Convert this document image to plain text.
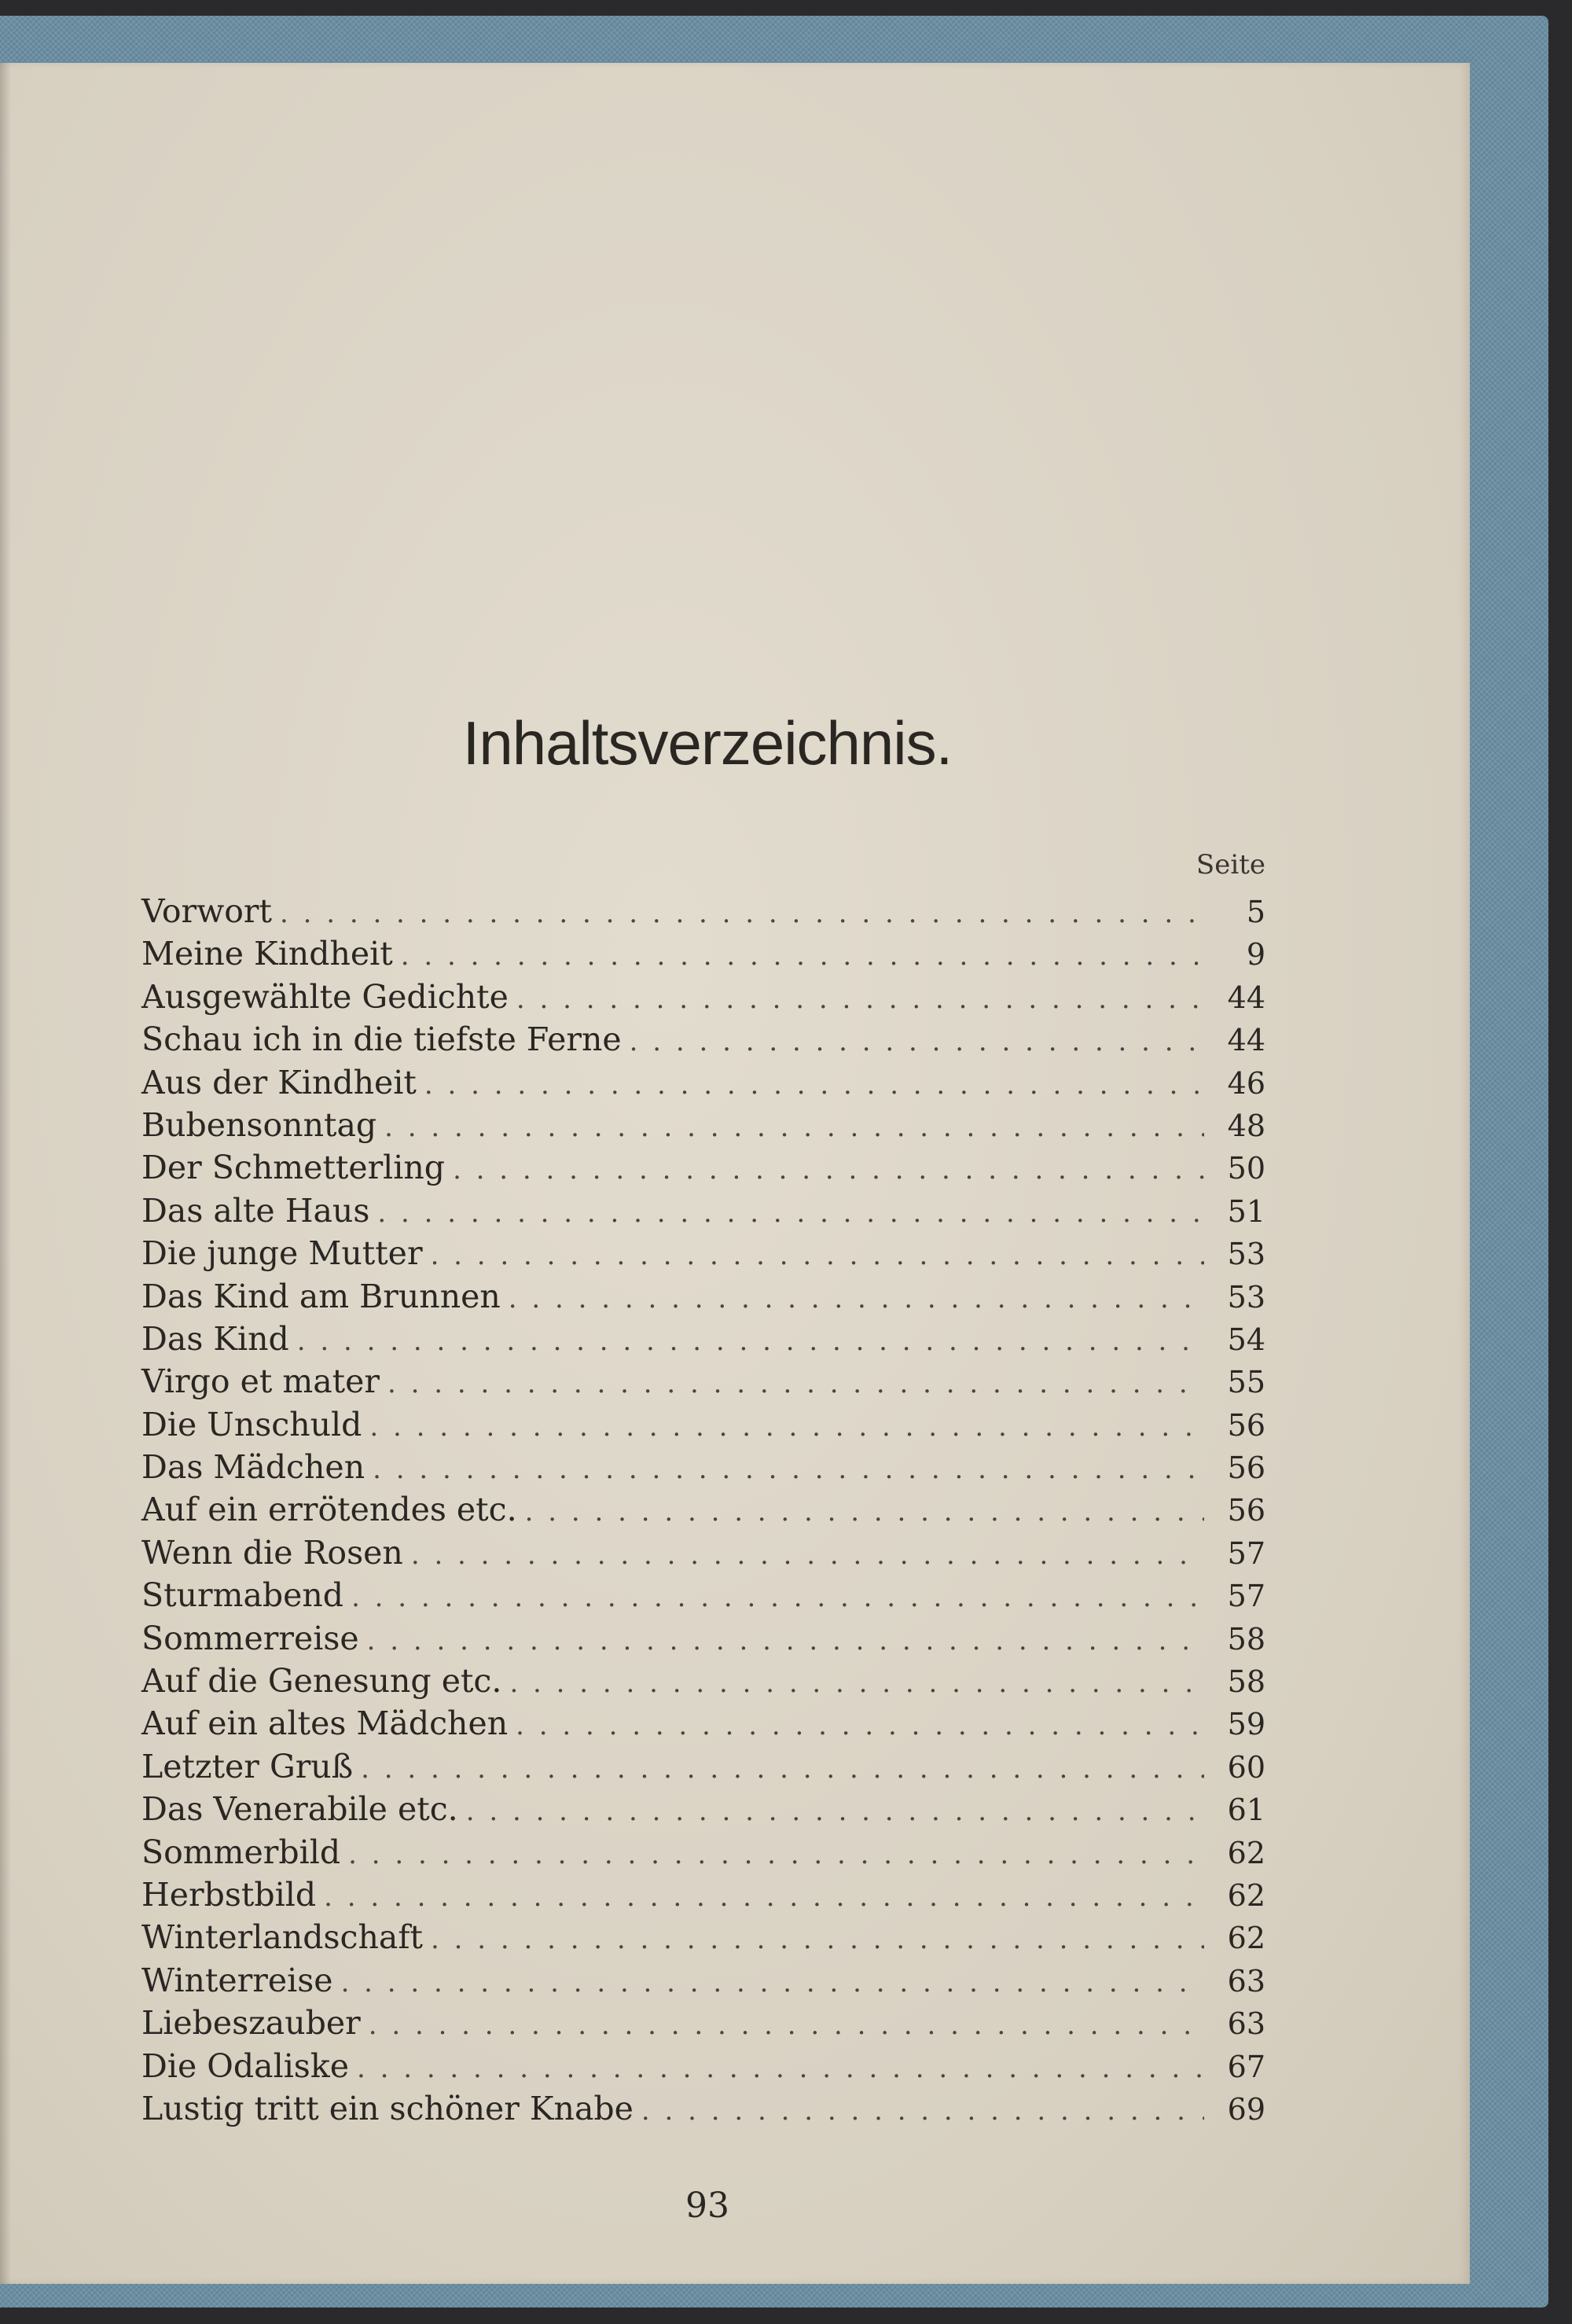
Inhaltsverzeichnis.
Seite
Vorwort . . .	5
Meine Kindheit . . .	9
Ausgewählte Gedichte . . .	44
Schau ich in die tiefste Ferne . . .	44
Aus der Kindheit . . .	46
Bubensonntag . . .	48
Der Schmetterling . . .	50
Das alte Haus . . .	51
Die junge Mutter . . .	53
Das Kind am Brunnen . . .	53
Das Kind . . .	54
Virgo et mater . . .	55
Die Unschuld . . .	56
Das Mädchen . . .	56
Auf ein errötendes etc. . . .	56
Wenn die Rosen . . .	57
Sturmabend . . .	57
Sommerreise . . .	58
Auf die Genesung etc. . . .	58
Auf ein altes Mädchen . . .	59
Letzter Gruß . . .	60
Das Venerabile etc. . . .	61
Sommerbild . . .	62
Herbstbild . . .	62
Winterlandschaft . . .	62
Winterreise . . .	63
Liebeszauber . . .	63
Die Odaliske . . .	67
Lustig tritt ein schöner Knabe . . .	69
93
